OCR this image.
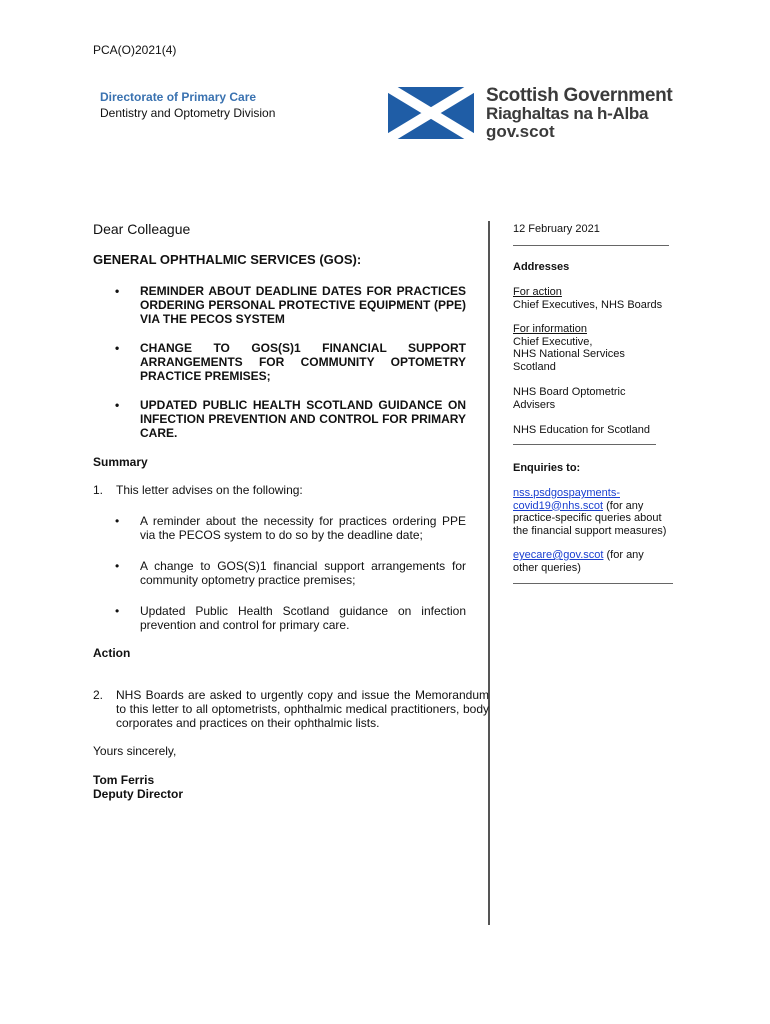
PCA(O)2021(4)
Directorate of Primary Care
Dentistry and Optometry Division
Scottish Government
Riaghaltas na h-Alba
gov.scot
Dear Colleague
GENERAL OPHTHALMIC SERVICES (GOS):
• REMINDER ABOUT DEADLINE DATES FOR PRACTICES ORDERING PERSONAL PROTECTIVE EQUIPMENT (PPE) VIA THE PECOS SYSTEM
• CHANGE TO GOS(S)1 FINANCIAL SUPPORT ARRANGEMENTS FOR COMMUNITY OPTOMETRY PRACTICE PREMISES;
• UPDATED PUBLIC HEALTH SCOTLAND GUIDANCE ON INFECTION PREVENTION AND CONTROL FOR PRIMARY CARE.
Summary
1. This letter advises on the following:
• A reminder about the necessity for practices ordering PPE via the PECOS system to do so by the deadline date;
• A change to GOS(S)1 financial support arrangements for community optometry practice premises;
• Updated Public Health Scotland guidance on infection prevention and control for primary care.
Action
2. NHS Boards are asked to urgently copy and issue the Memorandum to this letter to all optometrists, ophthalmic medical practitioners, body corporates and practices on their ophthalmic lists.
Yours sincerely,
Tom Ferris
Deputy Director
12 February 2021
Addresses
For action
Chief Executives, NHS Boards
For information
Chief Executive,
NHS National Services
Scotland
NHS Board Optometric
Advisers
NHS Education for Scotland
Enquiries to:
nss.psdgospayments-
covid19@nhs.scot (for any
practice-specific queries about
the financial support measures)
eyecare@gov.scot (for any
other queries)
